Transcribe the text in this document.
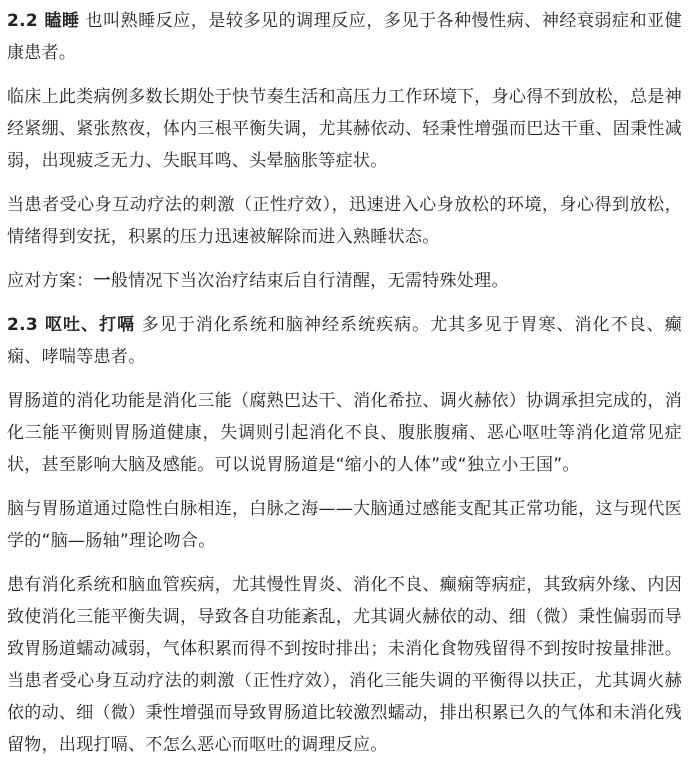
2.2 瞌睡 也叫熟睡反应，是较多见的调理反应，多见于各种慢性病、神经衰弱症和亚健康患者。

临床上此类病例多数长期处于快节奏生活和高压力工作环境下，身心得不到放松，总是神经紧绷、紧张熬夜，体内三根平衡失调，尤其赫依动、轻秉性增强而巴达干重、固秉性减弱，出现疲乏无力、失眠耳鸣、头晕脑胀等症状。

当患者受心身互动疗法的刺激（正性疗效），迅速进入心身放松的环境，身心得到放松，情绪得到安抚，积累的压力迅速被解除而进入熟睡状态。

应对方案：一般情况下当次治疗结束后自行清醒，无需特殊处理。

2.3 呕吐、打嗝 多见于消化系统和脑神经系统疾病。尤其多见于胃寒、消化不良、癫痫、哮喘等患者。

胃肠道的消化功能是消化三能（腐熟巴达干、消化希拉、调火赫依）协调承担完成的，消化三能平衡则胃肠道健康，失调则引起消化不良、腹胀腹痛、恶心呕吐等消化道常见症状，甚至影响大脑及感能。可以说胃肠道是“缩小的人体”或“独立小王国”。

脑与胃肠道通过隐性白脉相连，白脉之海——大脑通过感能支配其正常功能，这与现代医学的“脑—肠轴”理论吻合。

患有消化系统和脑血管疾病，尤其慢性胃炎、消化不良、癫痫等病症，其致病外缘、内因致使消化三能平衡失调，导致各自功能紊乱，尤其调火赫依的动、细（微）秉性偏弱而导致胃肠道蠕动减弱，气体积累而得不到按时排出；未消化食物残留得不到按时按量排泄。当患者受心身互动疗法的刺激（正性疗效），消化三能失调的平衡得以扶正，尤其调火赫依的动、细（微）秉性增强而导致胃肠道比较激烈蠕动，排出积累已久的气体和未消化残留物，出现打嗝、不怎么恶心而呕吐的调理反应。
